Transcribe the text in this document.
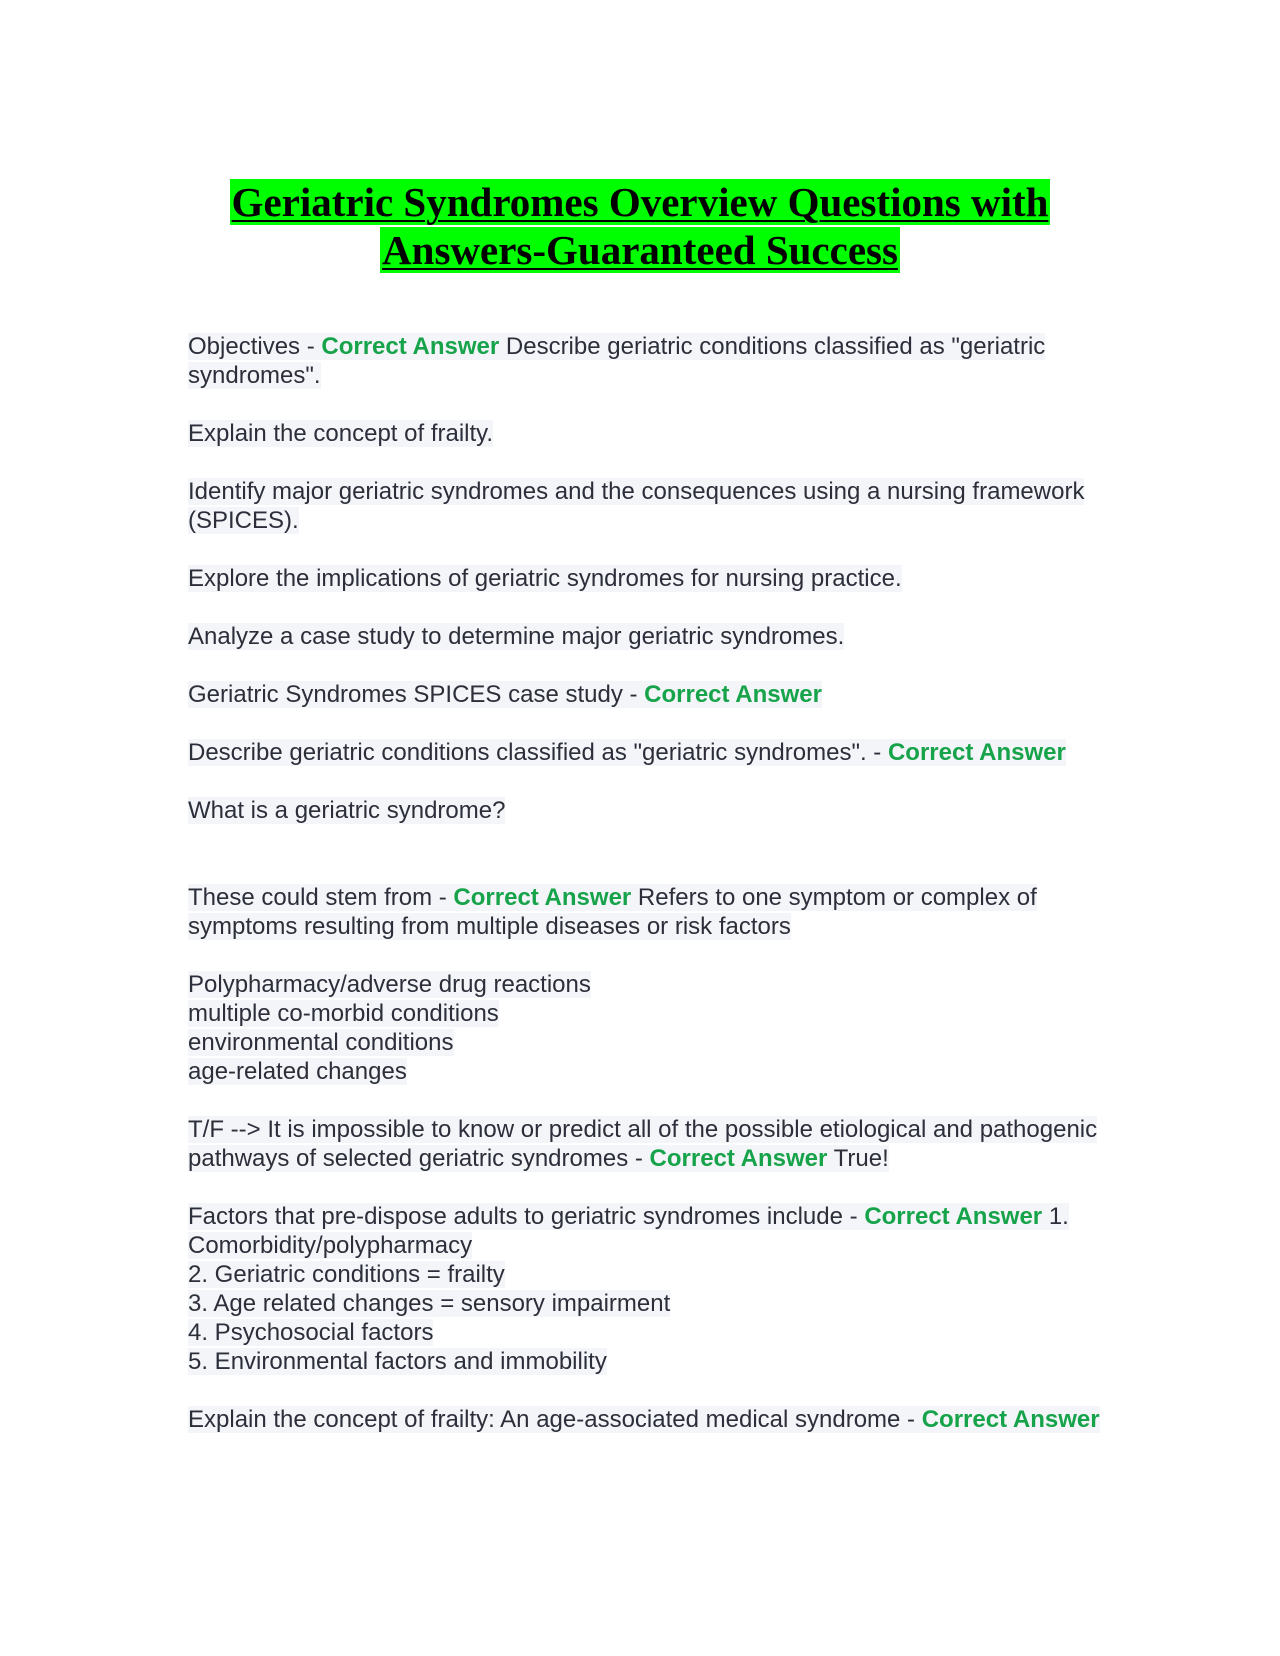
Geriatric Syndromes Overview Questions with
Answers-Guaranteed Success

Objectives - Correct Answer Describe geriatric conditions classified as "geriatric syndromes".

Explain the concept of frailty.

Identify major geriatric syndromes and the consequences using a nursing framework (SPICES).

Explore the implications of geriatric syndromes for nursing practice.

Analyze a case study to determine major geriatric syndromes.

Geriatric Syndromes SPICES case study - Correct Answer

Describe geriatric conditions classified as "geriatric syndromes". - Correct Answer

What is a geriatric syndrome?

These could stem from - Correct Answer Refers to one symptom or complex of symptoms resulting from multiple diseases or risk factors

Polypharmacy/adverse drug reactions
multiple co-morbid conditions
environmental conditions
age-related changes

T/F --> It is impossible to know or predict all of the possible etiological and pathogenic pathways of selected geriatric syndromes - Correct Answer True!

Factors that pre-dispose adults to geriatric syndromes include - Correct Answer 1. Comorbidity/polypharmacy
2. Geriatric conditions = frailty
3. Age related changes = sensory impairment
4. Psychosocial factors
5. Environmental factors and immobility

Explain the concept of frailty: An age-associated medical syndrome - Correct Answer
